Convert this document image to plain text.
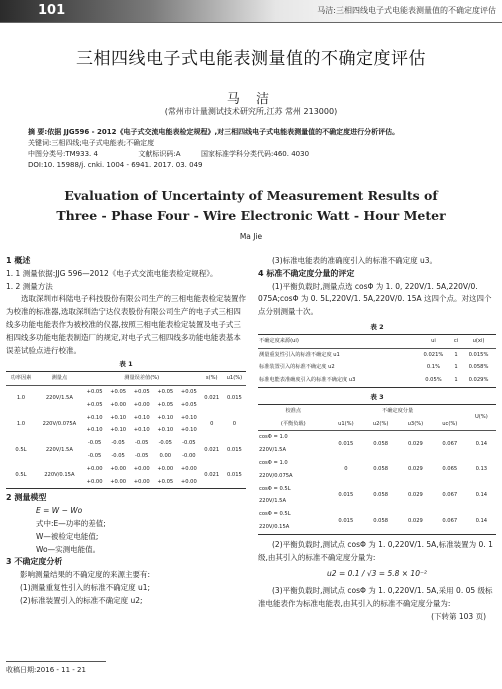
101	马洁:三相四线电子式电能表测量值的不确定度评估
三相四线电子式电能表测量值的不确定度评估
马 洁
(常州市计量测试技术研究所,江苏 常州 213000)
摘 要:依据 JJG596 - 2012《电子式交流电能表检定规程》,对三相四线电子式电能表测量值的不确定度进行分析评估。
关键词:三相四线;电子式电能表;不确定度
中图分类号:TM933. 4	文献标识码:A	国家标准学科分类代码:460. 4030
DOI:10. 15988/j. cnki. 1004 - 6941. 2017. 03. 049
Evaluation of Uncertainty of Measurement Results of
Three - Phase Four - Wire Electronic Watt - Hour Meter
Ma Jie
1 概述
1. 1 测量依据:JJG 596—2012《电子式交流电能表检定规程》。
1. 2 测量方法
选取深圳市科陆电子科技股份有限公司生产的三相电能表检定装置作为校准的标准器,选取深圳浩宁达仪表股份有限公司生产的电子式三相四线多功能电能表作为被校准的仪器,按照三相电能表检定装置及电子式三相四线多功能电能表制造厂的规定,对电子式三相四线多功能电能表基本误差试验点进行校准。
表 1
功率因素	测量点	测量误差值(%)					s(%)	u1(%)
1.0	220V/1.5A	+0.05	+0.05	+0.05	+0.05	+0.05	0.021	0.015
		+0.05	+0.00	+0.00	+0.05	+0.05		
1.0	220V/0.075A	+0.10	+0.10	+0.10	+0.10	+0.10	0	0
		+0.10	+0.10	+0.10	+0.10	+0.10		
0.5L	220V/1.5A	-0.05	-0.05	-0.05	-0.05	-0.05	0.021	0.015
		-0.05	-0.05	-0.05	0.00	-0.00		
0.5L	220V/0.15A	+0.00	+0.00	+0.00	+0.00	+0.00	0.021	0.015
		+0.00	+0.00	+0.00	+0.05	+0.00		
2 测量模型
E = W − Wo
式中:E—功率的差值;
W—被检定电能值;
Wo—实测电能值。
3 不确定度分析
影响测量结果的不确定度的来源主要有:
(1)测量重复性引入的标准不确定度 u1;
(2)标准装置引入的标准不确定度 u2;
收稿日期:2016 - 11 - 21
(3)标准电能表的准确度引入的标准不确定度 u3。
4 标准不确定度分量的评定
(1)平衡负载时,测量点选 cosΦ 为 1. 0, 220V/1. 5A,220V/0. 075A;cosΦ 为 0. 5L,220V/1. 5A,220V/0. 15A 这四个点。对这四个点分别测量十次。
表 2
不确定度来源(ui)	ui	ci	u(xi)
测量重复性引入的标准不确定度 u1	0.021%	1	0.015%
标准装置引入的标准不确定度 u2	0.1%	1	0.058%
标准电能表准确度引入的标准不确定度 u3	0.05%	1	0.029%
表 3
校准点	不确定度分量				U(%)
(平衡负载)	u1(%)	u2(%)	u3(%)	uc(%)	

cosΦ = 1.0
220V/1.5A	0.015	0.058	0.029	0.067	0.14

cosΦ = 1.0
220V/0.075A	0	0.058	0.029	0.065	0.13

cosΦ = 0.5L
220V/1.5A	0.015	0.058	0.029	0.067	0.14

cosΦ = 0.5L
220V/0.15A	0.015	0.058	0.029	0.067	0.14
(2)平衡负载时,测试点 cosΦ 为 1. 0,220V/1. 5A,标准装置为 0. 1 级,由其引入的标准不确定度分量为:
u2 = 0.1 / √3 = 5.8 × 10⁻²
(3)平衡负载时,测试点 cosΦ 为 1. 0,220V/1. 5A,采用 0. 05 级标准电能表作为标准电能表,由其引入的标准不确定度分量为:
(下转第 103 页)
